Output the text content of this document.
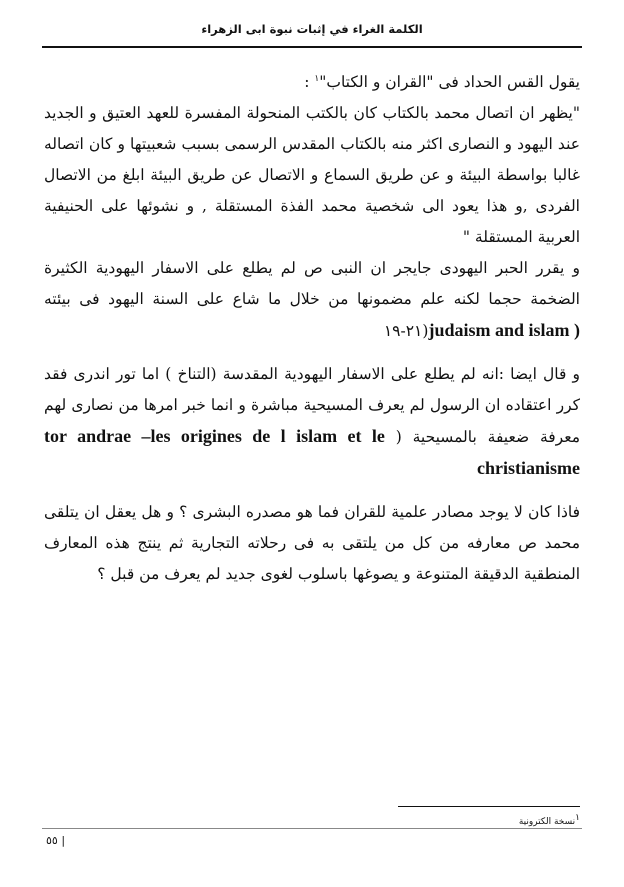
الكلمة الغراء في إثبات نبوة ابى الزهراء

يقول القس الحداد فى "القران و الكتاب"$^١$ :

"يظهر ان اتصال محمد بالكتاب كان بالكتب المنحولة المفسرة للعهد العتيق و الجديد عند اليهود و النصارى اكثر منه بالكتاب المقدس الرسمى بسبب شعبيتها و كان اتصاله غالبا بواسطة البيئة و عن طريق السماع و الاتصال عن طريق البيئة ابلغ من الاتصال الفردى ,و هذا يعود الى شخصية محمد الفذة المستقلة , و نشوئها على الحنيفية العربية المستقلة "

و يقرر الحبر اليهودى جايجر ان النبى ص لم يطلع على الاسفار اليهودية الكثيرة الضخمة حجما لكنه علم مضمونها من خلال ما شاع على السنة اليهود فى بيئته judaism and islam )(٢١-١٩

و قال ايضا :انه لم يطلع على الاسفار اليهودية المقدسة (التناخ ) اما تور اندرى فقد كرر اعتقاده ان الرسول لم يعرف المسيحية مباشرة و انما خبر امرها من نصارى لهم معرفة ضعيفة بالمسيحية ( tor andrae –les origines de l islam et le christianisme

فاذا كان لا يوجد مصادر علمية للقران فما هو مصدره البشرى ؟ و هل يعقل ان يتلقى محمد ص معارفه من كل من يلتقى به فى رحلاته التجارية ثم ينتج هذه المعارف المنطقية الدقيقة المتنوعة و يصوغها باسلوب لغوى جديد لم يعرف من قبل ؟

$^١$نسخة الكترونية
٥٥ |
